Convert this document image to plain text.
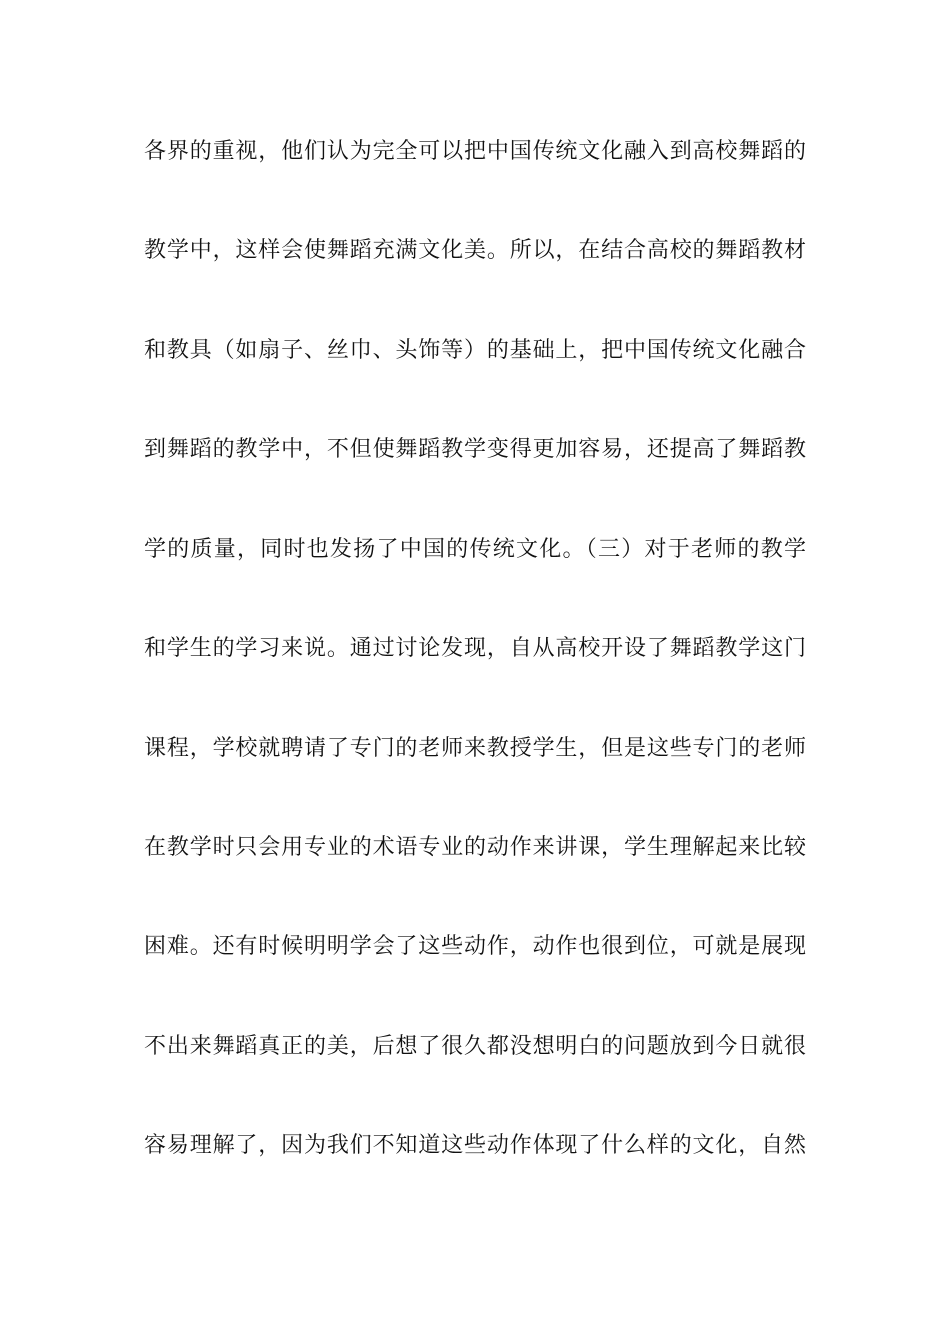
各界的重视，他们认为完全可以把中国传统文化融入到高校舞蹈的
教学中，这样会使舞蹈充满文化美。所以，在结合高校的舞蹈教材
和教具（如扇子、丝巾、头饰等）的基础上，把中国传统文化融合
到舞蹈的教学中，不但使舞蹈教学变得更加容易，还提高了舞蹈教
学的质量，同时也发扬了中国的传统文化。（三）对于老师的教学
和学生的学习来说。通过讨论发现，自从高校开设了舞蹈教学这门
课程，学校就聘请了专门的老师来教授学生，但是这些专门的老师
在教学时只会用专业的术语专业的动作来讲课，学生理解起来比较
困难。还有时候明明学会了这些动作，动作也很到位，可就是展现
不出来舞蹈真正的美，后想了很久都没想明白的问题放到今日就很
容易理解了，因为我们不知道这些动作体现了什么样的文化，自然
